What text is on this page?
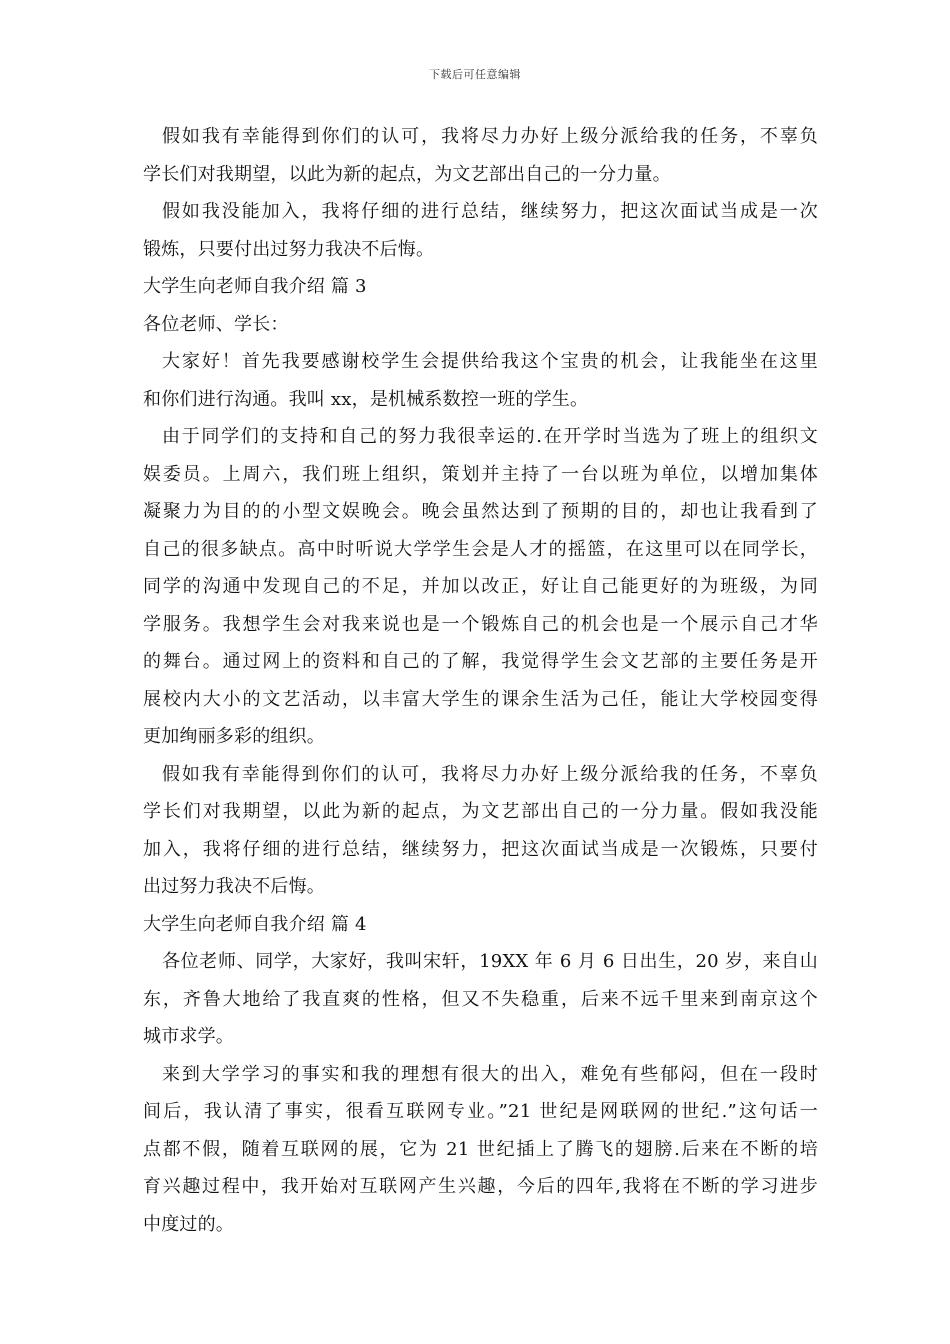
下载后可任意编辑
假如我有幸能得到你们的认可，我将尽力办好上级分派给我的任务，不辜负
学长们对我期望，以此为新的起点，为文艺部出自己的一分力量。
假如我没能加入，我将仔细的进行总结，继续努力，把这次面试当成是一次
锻炼，只要付出过努力我决不后悔。
大学生向老师自我介绍 篇 3
各位老师、学长：
大家好！首先我要感谢校学生会提供给我这个宝贵的机会，让我能坐在这里
和你们进行沟通。我叫 xx，是机械系数控一班的学生。
由于同学们的支持和自己的努力我很幸运的.在开学时当选为了班上的组织文
娱委员。上周六，我们班上组织，策划并主持了一台以班为单位，以增加集体
凝聚力为目的的小型文娱晚会。晚会虽然达到了预期的目的，却也让我看到了
自己的很多缺点。高中时听说大学学生会是人才的摇篮，在这里可以在同学长，
同学的沟通中发现自己的不足，并加以改正，好让自己能更好的为班级，为同
学服务。我想学生会对我来说也是一个锻炼自己的机会也是一个展示自己才华
的舞台。通过网上的资料和自己的了解，我觉得学生会文艺部的主要任务是开
展校内大小的文艺活动，以丰富大学生的课余生活为己任，能让大学校园变得
更加绚丽多彩的组织。
假如我有幸能得到你们的认可，我将尽力办好上级分派给我的任务，不辜负
学长们对我期望，以此为新的起点，为文艺部出自己的一分力量。假如我没能
加入，我将仔细的进行总结，继续努力，把这次面试当成是一次锻炼，只要付
出过努力我决不后悔。
大学生向老师自我介绍 篇 4
各位老师、同学，大家好，我叫宋轩，19XX 年 6 月 6 日出生，20 岁，来自山
东，齐鲁大地给了我直爽的性格，但又不失稳重，后来不远千里来到南京这个
城市求学。
来到大学学习的事实和我的理想有很大的出入，难免有些郁闷，但在一段时
间后，我认清了事实，很看互联网专业。”21 世纪是网联网的世纪.”这句话一
点都不假，随着互联网的展，它为 21 世纪插上了腾飞的翅膀.后来在不断的培
育兴趣过程中，我开始对互联网产生兴趣，今后的四年,我将在不断的学习进步
中度过的。
